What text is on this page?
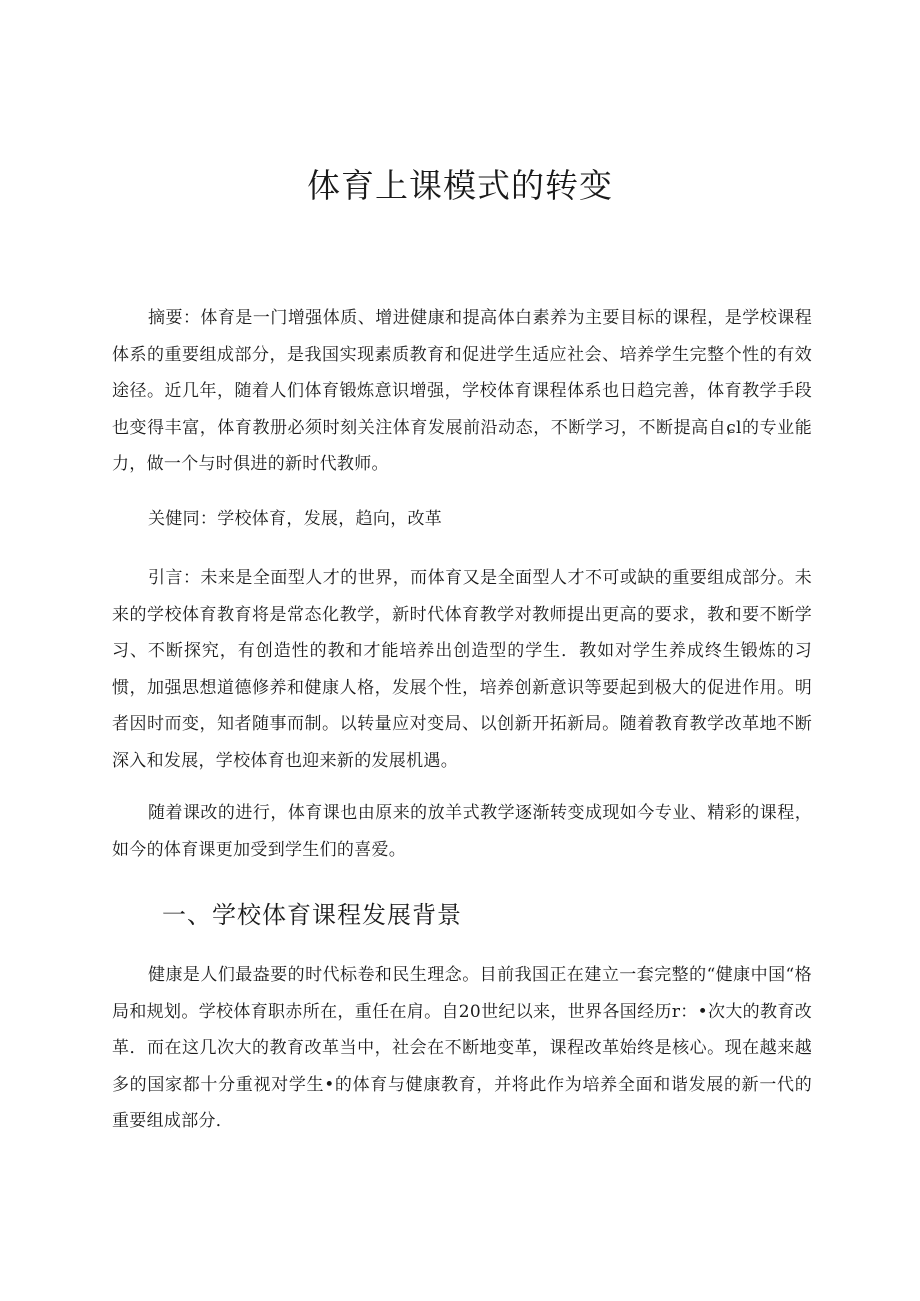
体育上课模式的转变

摘要：体育是一门增强体质、增进健康和提高体白素养为主要目标的课程，是学校课程体系的重要组成部分，是我国实现素质教育和促进学生适应社会、培养学生完整个性的有效途径。近几年，随着人们体育锻炼意识增强，学校体育课程体系也日趋完善，体育教学手段也变得丰富，体育教册必须时刻关注体育发展前沿动态，不断学习，不断提高自ɕl的专业能力，做一个与时俱进的新时代教师。

关健同：学校体育，发展，趋向，改革

引言：未来是全面型人才的世界，而体育又是全面型人才不可或缺的重要组成部分。未来的学校体育教育将是常态化教学，新时代体育教学对教师提出更高的要求，教和要不断学习、不断探究，有创造性的教和才能培养出创造型的学生．教如对学生养成终生锻炼的习惯，加强思想道德修养和健康人格，发展个性，培养创新意识等要起到极大的促进作用。明者因时而变，知者随事而制。以转量应对变局、以创新开拓新局。随着教育教学改革地不断深入和发展，学校体育也迎来新的发展机遇。

随着课改的进行，体育课也由原来的放羊式教学逐渐转变成现如今专业、精彩的课程，如今的体育课更加受到学生们的喜爱。

一、学校体育课程发展背景

健康是人们最盎要的时代标卷和民生理念。目前我国正在建立一套完整的“健康中国“格局和规划。学校体育职赤所在，重任在肩。自20世纪以来，世界各国经历r：•次大的教育改革．而在这几次大的教育改革当中，社会在不断地变革，课程改革始终是核心。现在越来越多的国家都十分重视对学生•的体育与健康教育，并将此作为培养全面和谐发展的新一代的重要组成部分．
